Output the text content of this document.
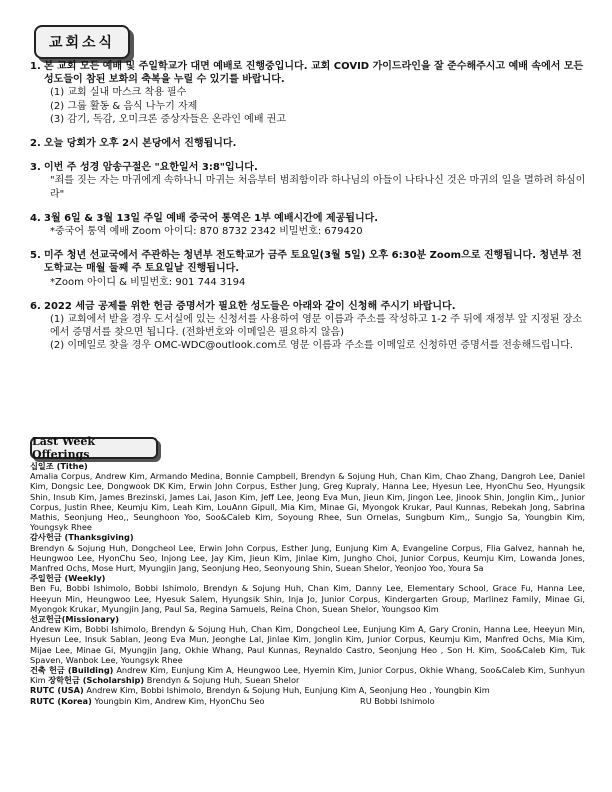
교회소식
1. 본 교회 모든 예배 및 주일학교가 대면 예배로 진행중입니다. 교회 COVID 가이드라인을 잘 준수해주시고 예배 속에서 모든 성도들이 참된 보화의 축복을 누릴 수 있기를 바랍니다.
(1) 교회 실내 마스크 착용 필수
(2) 그룹 활동 & 음식 나누기 자제
(3) 감기, 독감, 오미크론 증상자들은 온라인 예배 권고
2. 오늘 당회가 오후 2시 본당에서 진행됩니다.
3. 이번 주 성경 암송구절은 "요한일서 3:8"입니다.
"죄를 짓는 자는 마귀에게 속하나니 마귀는 처음부터 범죄함이라 하나님의 아들이 나타나신 것은 마귀의 일을 멸하려 하심이라"
4. 3월 6일 & 3월 13일 주일 예배 중국어 통역은 1부 예배시간에 제공됩니다.
*중국어 통역 예배 Zoom 아이디: 870 8732 2342 비밀번호: 679420
5. 미주 청년 선교국에서 주관하는 청년부 전도학교가 금주 토요일(3월 5일) 오후 6:30분 Zoom으로 진행됩니다. 청년부 전도학교는 매월 둘째 주 토요일날 진행됩니다.
*Zoom 아이디 & 비밀번호: 901 744 3194
6. 2022 세금 공제를 위한 헌금 증명서가 필요한 성도들은 아래와 같이 신청해 주시기 바랍니다.
(1) 교회에서 받을 경우 도서실에 있는 신청서를 사용하여 영문 이름과 주소를 작성하고 1-2 주 뒤에 재정부 앞 지정된 장소에서 증명서를 찾으면 됩니다. (전화번호와 이메일은 필요하지 않음)
(2) 이메일로 찾을 경우 OMC-WDC@outlook.com로 영문 이름과 주소를 이메일로 신청하면 증명서를 전송해드립니다.
Last Week Offerings
십일조 (Tithe)
Amalia Corpus, Andrew Kim, Armando Medina, Bonnie Campbell, Brendyn & Sojung Huh, Chan Kim, Chao Zhang, Dangroh Lee, Daniel Kim, Dongsic Lee, Dongwook DK Kim, Erwin John Corpus, Esther Jung, Greg Kupraly, Hanna Lee, Hyesun Lee, HyonChu Seo, Hyungsik Shin, Insub Kim, James Brezinski, James Lai, Jason Kim, Jeff Lee, Jeong Eva Mun, Jieun Kim, Jingon Lee, Jinook Shin, Jonglin Kim,, Junior Corpus, Justin Rhee, Keumju Kim, Leah Kim, LouAnn Gipull, Mia Kim, Minae Gi, Myongok Krukar, Paul Kunnas, Rebekah Jong, Sabrina Mathis, Seonjung Heo,, Seunghoon Yoo, Soo&Caleb Kim, Soyoung Rhee, Sun Ornelas, Sungbum Kim,, Sungjo Sa, Youngbin Kim, Youngsyk Rhee
감사헌금 (Thanksgiving)
Brendyn & Sojung Huh, Dongcheol Lee, Erwin John Corpus, Esther Jung, Eunjung Kim A, Evangeline Corpus, Flia Galvez, hannah he, Heungwoo Lee, HyonChu Seo, Injong Lee, Jay Kim, Jieun Kim, Jinlae Kim, Jungho Choi, Junior Corpus, Keumju Kim, Lowanda Jones, Manfred Ochs, Mose Hurt, Myungjin Jang, Seonjung Heo, Seonyoung Shin, Suean Shelor, Yeonjoo Yoo, Youra Sa
주일헌금 (Weekly)
Ben Fu, Bobbi Ishimolo, Bobbi Ishimolo, Brendyn & Sojung Huh, Chan Kim, Danny Lee, Elementary School, Grace Fu, Hanna Lee, Heeyun Min, Heungwoo Lee, Hyesuk Salem, Hyungsik Shin, Inja Jo, Junior Corpus, Kindergarten Group, Marlinez Family, Minae Gi, Myongok Krukar, Myungjin Jang, Paul Sa, Regina Samuels, Reina Chon, Suean Shelor, Youngsoo Kim
선교헌금(Missionary)
Andrew Kim, Bobbi Ishimolo, Brendyn & Sojung Huh, Chan Kim, Dongcheol Lee, Eunjung Kim A, Gary Cronin, Hanna Lee, Heeyun Min, Hyesun Lee, Insuk Sablan, Jeong Eva Mun, Jeonghe Lal, Jinlae Kim, Jonglin Kim, Junior Corpus, Keumju Kim, Manfred Ochs, Mia Kim, Mijae Lee, Minae Gi, Myungjin Jang, Okhie Whang, Paul Kunnas, Reynaldo Castro, Seonjung Heo , Son H. Kim, Soo&Caleb Kim, Tuk Spaven, Wanbok Lee, Youngsyk Rhee
건축 헌금 (Building) Andrew Kim, Eunjung Kim A, Heungwoo Lee, Hyemin Kim, Junior Corpus, Okhie Whang, Soo&Caleb Kim, Sunhyun Kim 장학헌금 (Scholarship) Brendyn & Sojung Huh, Suean Shelor
RUTC (USA) Andrew Kim, Bobbi Ishimolo, Brendyn & Sojung Huh, Eunjung Kim A, Seonjung Heo , Youngbin Kim
RUTC (Korea) Youngbin Kim, Andrew Kim, HyonChu Seo	RU Bobbi Ishimolo
